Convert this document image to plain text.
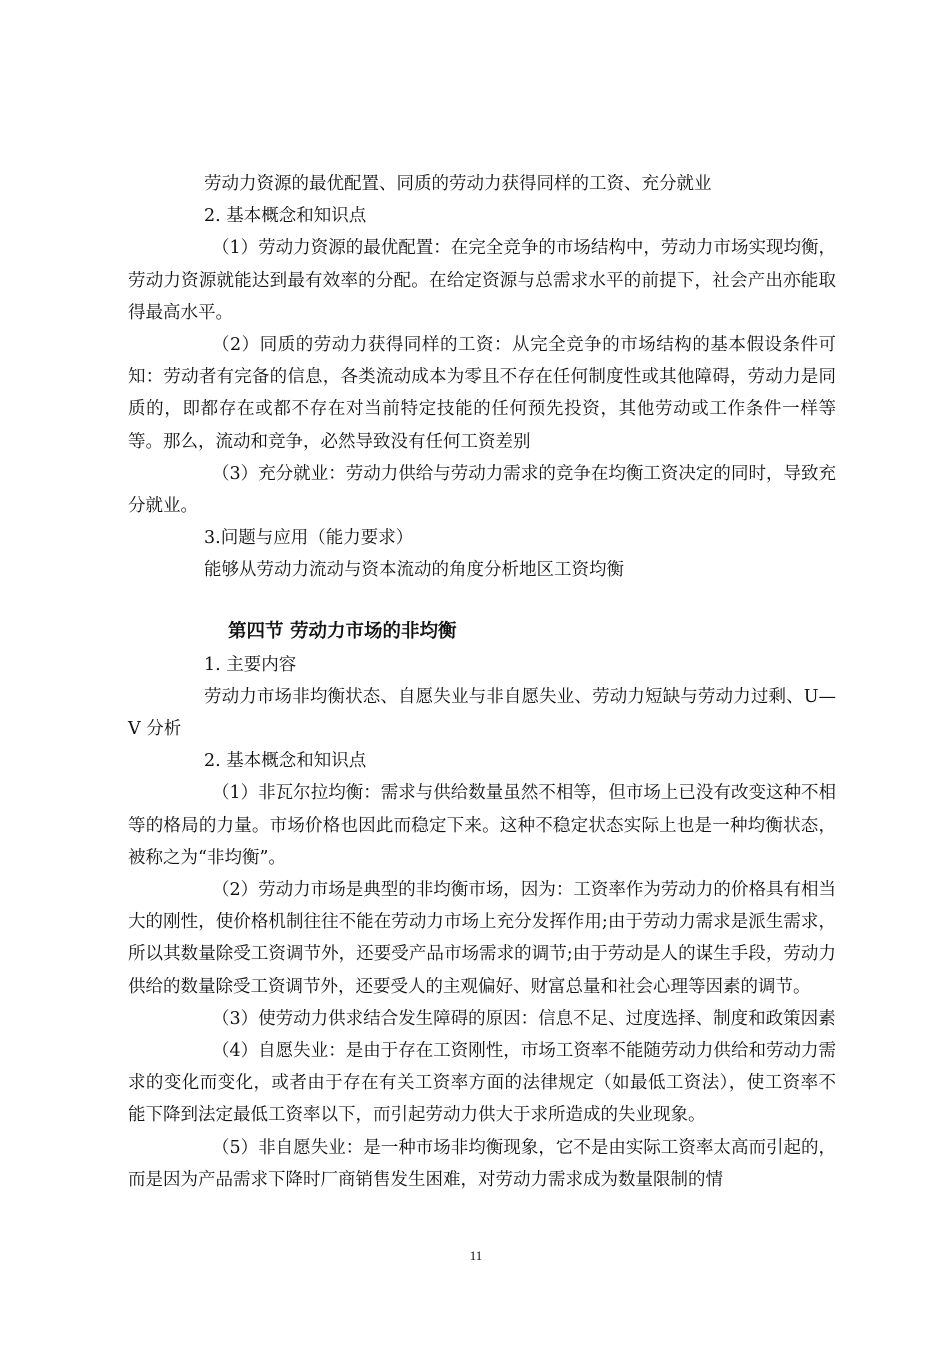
劳动力资源的最优配置、同质的劳动力获得同样的工资、充分就业

2. 基本概念和知识点

（1）劳动力资源的最优配置：在完全竞争的市场结构中，劳动力市场实现均衡，劳动力资源就能达到最有效率的分配。在给定资源与总需求水平的前提下，社会产出亦能取得最高水平。

（2）同质的劳动力获得同样的工资：从完全竞争的市场结构的基本假设条件可知：劳动者有完备的信息，各类流动成本为零且不存在任何制度性或其他障碍，劳动力是同质的，即都存在或都不存在对当前特定技能的任何预先投资，其他劳动或工作条件一样等等。那么，流动和竞争，必然导致没有任何工资差别

（3）充分就业：劳动力供给与劳动力需求的竞争在均衡工资决定的同时，导致充分就业。

3.问题与应用（能力要求）

能够从劳动力流动与资本流动的角度分析地区工资均衡

第四节 劳动力市场的非均衡

1. 主要内容

劳动力市场非均衡状态、自愿失业与非自愿失业、劳动力短缺与劳动力过剩、U—V 分析

2. 基本概念和知识点

（1）非瓦尔拉均衡：需求与供给数量虽然不相等，但市场上已没有改变这种不相等的格局的力量。市场价格也因此而稳定下来。这种不稳定状态实际上也是一种均衡状态，被称之为“非均衡”。

（2）劳动力市场是典型的非均衡市场，因为：工资率作为劳动力的价格具有相当大的刚性，使价格机制往往不能在劳动力市场上充分发挥作用;由于劳动力需求是派生需求，所以其数量除受工资调节外，还要受产品市场需求的调节;由于劳动是人的谋生手段，劳动力供给的数量除受工资调节外，还要受人的主观偏好、财富总量和社会心理等因素的调节。

（3）使劳动力供求结合发生障碍的原因：信息不足、过度选择、制度和政策因素

（4）自愿失业：是由于存在工资刚性，市场工资率不能随劳动力供给和劳动力需求的变化而变化，或者由于存在有关工资率方面的法律规定（如最低工资法），使工资率不能下降到法定最低工资率以下，而引起劳动力供大于求所造成的失业现象。

（5）非自愿失业：是一种市场非均衡现象，它不是由实际工资率太高而引起的，而是因为产品需求下降时厂商销售发生困难，对劳动力需求成为数量限制的情

11
